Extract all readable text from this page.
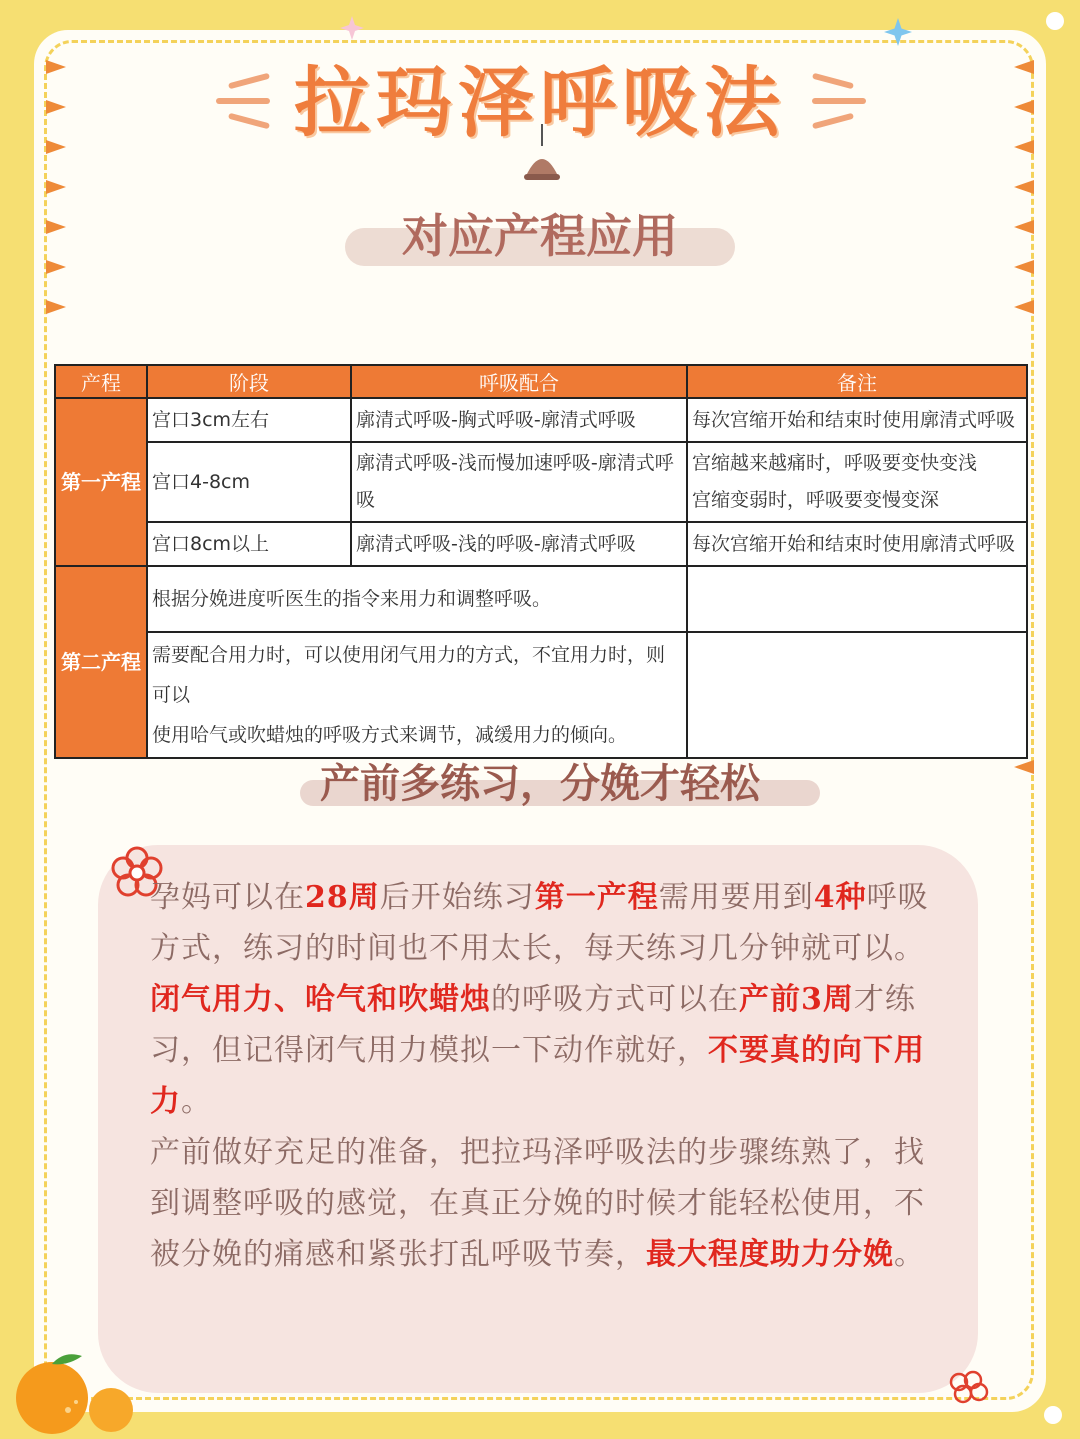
拉玛泽呼吸法
对应产程应用
产程	阶段	呼吸配合	备注
第一产程	宫口3cm左右	廓清式呼吸-胸式呼吸-廓清式呼吸	每次宫缩开始和结束时使用廓清式呼吸
	宫口4-8cm	廓清式呼吸-浅而慢加速呼吸-廓清式呼吸	宫缩越来越痛时，呼吸要变快变浅
宫缩变弱时，呼吸要变慢变深

	宫口8cm以上	廓清式呼吸-浅的呼吸-廓清式呼吸	每次宫缩开始和结束时使用廓清式呼吸
第二产程	根据分娩进度听医生的指令来用力和调整呼吸。		

	需要配合用力时，可以使用闭气用力的方式，不宜用力时，则可以
使用哈气或吹蜡烛的呼吸方式来调节，减缓用力的倾向。		

产前多练习，分娩才轻松

孕妈可以在28周后开始练习第一产程需用要用到4种呼吸方式，练习的时间也不用太长，每天练习几分钟就可以。

闭气用力、哈气和吹蜡烛的呼吸方式可以在产前3周才练习，但记得闭气用力模拟一下动作就好，不要真的向下用力。

产前做好充足的准备，把拉玛泽呼吸法的步骤练熟了，找到调整呼吸的感觉，在真正分娩的时候才能轻松使用，不被分娩的痛感和紧张打乱呼吸节奏，最大程度助力分娩。
